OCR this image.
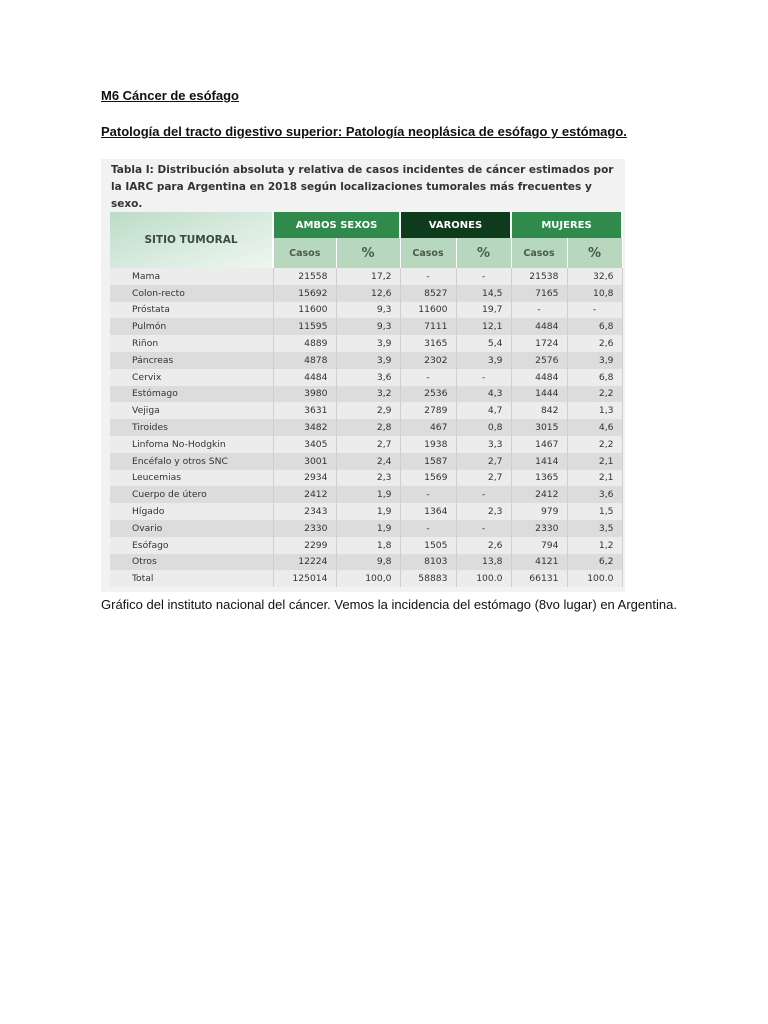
M6 Cáncer de esófago
Patología del tracto digestivo superior: Patología neoplásica de esófago y estómago.
Tabla I: Distribución absoluta y relativa de casos incidentes de cáncer estimados por la IARC para Argentina en 2018 según localizaciones tumorales más frecuentes y sexo.
SITIO TUMORAL	AMBOS SEXOS		VARONES		MUJERES	
	Casos	%	Casos	%	Casos	%
Mama	21558	17,2	-	-	21538	32,6
Colon-recto	15692	12,6	8527	14,5	7165	10,8
Próstata	11600	9,3	11600	19,7	-	-
Pulmón	11595	9,3	7111	12,1	4484	6,8
Riñon	4889	3,9	3165	5,4	1724	2,6
Páncreas	4878	3,9	2302	3,9	2576	3,9
Cervix	4484	3,6	-	-	4484	6,8
Estómago	3980	3,2	2536	4,3	1444	2,2
Vejiga	3631	2,9	2789	4,7	842	1,3
Tiroides	3482	2,8	467	0,8	3015	4,6
Linfoma No-Hodgkin	3405	2,7	1938	3,3	1467	2,2
Encéfalo y otros SNC	3001	2,4	1587	2,7	1414	2,1
Leucemias	2934	2,3	1569	2,7	1365	2,1
Cuerpo de útero	2412	1,9	-	-	2412	3,6
Hígado	2343	1,9	1364	2,3	979	1,5
Ovario	2330	1,9	-	-	2330	3,5
Esófago	2299	1,8	1505	2,6	794	1,2
Otros	12224	9,8	8103	13,8	4121	6,2
Total	125014	100,0	58883	100.0	66131	100.0
Gráfico del instituto nacional del cáncer. Vemos la incidencia del estómago (8vo lugar) en Argentina.
